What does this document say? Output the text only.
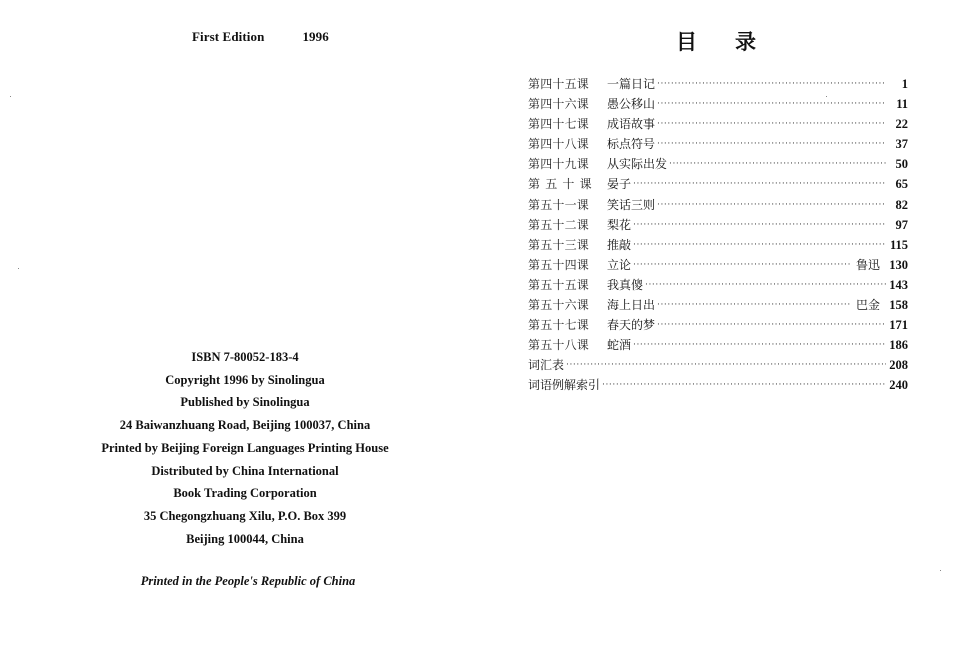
First Edition	1996
ISBN 7-80052-183-4
Copyright 1996 by Sinolingua
Published by Sinolingua
24 Baiwanzhuang Road, Beijing 100037, China
Printed by Beijing Foreign Languages Printing House
Distributed by China International
Book Trading Corporation
35 Chegongzhuang Xilu, P.O. Box 399
Beijing 100044, China
Printed in the People's Republic of China
目录
第四十五课	一篇日记 ·····	1
第四十六课	愚公移山 ·····	11
第四十七课	成语故事 ·····	22
第四十八课	标点符号 ·····	37
第四十九课	从实际出发 ·····	50
第五十课 晏子 ·····	65
第五十一课	笑话三则 ·····	82
第五十二课	梨花 ·····	97
第五十三课	推敲 ·····	115
第五十四课	立论 ·····	鲁迅 130
第五十五课	我真傻 ·····	143
第五十六课	海上日出 ·····	巴金 158
第五十七课	春天的梦 ·····	171
第五十八课	蛇酒 ·····	186
词汇表 ·····	208
词语例解索引 ·····	240
